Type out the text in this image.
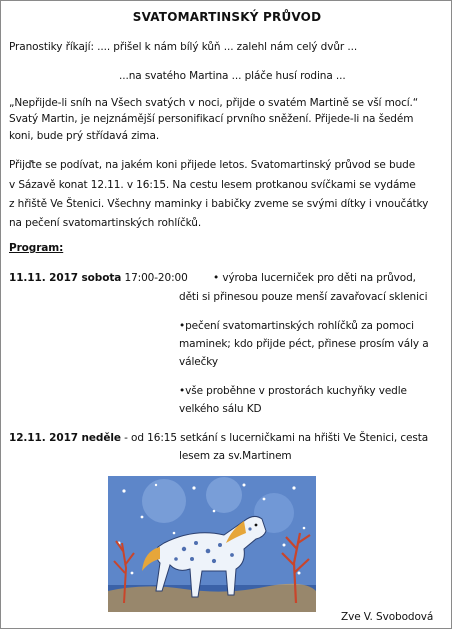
SVATOMARTINSKÝ PRŮVOD

Pranostiky říkají: .... přišel k nám bílý kůň ... zalehl nám celý dvůr ...

...na svatého Martina ... pláče husí rodina ...

„Nepřijde-li sníh na Všech svatých v noci, přijde o svatém Martině se vší mocí.“

Svatý Martin, je nejznámější personifikací prvního sněžení. Přijede-li na šedém

koni, bude prý střídavá zima.

Přijďte se podívat, na jakém koni přijede letos. Svatomartinský průvod se bude

v Sázavě konat 12.11. v 16:15. Na cestu lesem protkanou svíčkami se vydáme

z hřiště Ve Štenici. Všechny maminky i babičky zveme se svými dítky i vnoučátky

na pečení svatomartinských rohlíčků.

Program:

11.11. 2017 sobota 17:00-20:00 • výroba lucerniček pro děti na průvod,

děti si přinesou pouze menší zavařovací sklenici

•pečení svatomartinských rohlíčků za pomoci

maminek; kdo přijde péct, přinese prosím vály a

válečky

•vše proběhne v prostorách kuchyňky vedle

velkého sálu KD

12.11. 2017 neděle - od 16:15 setkání s lucerničkami na hřišti Ve Štenici, cesta

lesem za sv.Martinem

Zve V. Svobodová
